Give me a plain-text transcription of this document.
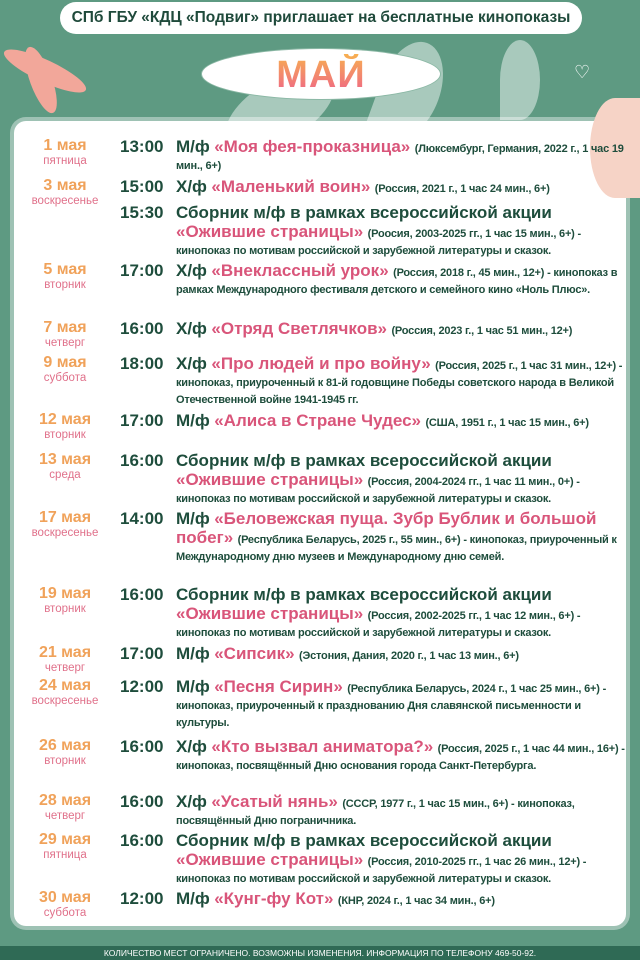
СПб ГБУ «КДЦ «Подвиг» приглашает на бесплатные кинопоказы
МАЙ	♡
1 мая
пятница
13:00 М/ф «Моя фея-проказница» (Люксембург, Германия, 2022 г., 1 час 19 мин., 6+)
3 мая
воскресенье
15:00 Х/ф «Маленький воин» (Россия, 2021 г., 1 час 24 мин., 6+)
15:30 Сборник м/ф в рамках всероссийской акции «Ожившие страницы» (Роосия, 2003-2025 гг., 1 час 15 мин., 6+) - кинопоказ по мотивам российской и зарубежной литературы и сказок.
5 мая
вторник
17:00 Х/ф «Внеклассный урок» (Россия, 2018 г., 45 мин., 12+) - кинопоказ в рамках Международного фестиваля детского и семейного кино «Ноль Плюс».
7 мая
четверг
16:00 Х/ф «Отряд Светлячков» (Россия, 2023 г., 1 час 51 мин., 12+)
9 мая
суббота
18:00 Х/ф «Про людей и про войну» (Россия, 2025 г., 1 час 31 мин., 12+) - кинопоказ, приуроченный к 81-й годовщине Победы советского народа в Великой Отечественной войне 1941-1945 гг.
12 мая
вторник
17:00 М/ф «Алиса в Стране Чудес» (США, 1951 г., 1 час 15 мин., 6+)
13 мая
среда
16:00 Сборник м/ф в рамках всероссийской акции «Ожившие страницы» (Россия, 2004-2024 гг., 1 час 11 мин., 0+) - кинопоказ по мотивам российской и зарубежной литературы и сказок.
17 мая
воскресенье
14:00 М/ф «Беловежская пуща. Зубр Бублик и большой побег» (Республика Беларусь, 2025 г., 55 мин., 6+) - кинопоказ, приуроченный к Международному дню музеев и Международному дню семей.
19 мая
вторник
16:00 Сборник м/ф в рамках всероссийской акции «Ожившие страницы» (Россия, 2002-2025 гг., 1 час 12 мин., 6+) - кинопоказ по мотивам российской и зарубежной литературы и сказок.
21 мая
четверг
17:00 М/ф «Сипсик» (Эстония, Дания, 2020 г., 1 час 13 мин., 6+)
24 мая
воскресенье
12:00 М/ф «Песня Сирин» (Республика Беларусь, 2024 г., 1 час 25 мин., 6+) - кинопоказ, приуроченный к празднованию Дня славянской письменности и культуры.
26 мая
вторник
16:00 Х/ф «Кто вызвал аниматора?» (Россия, 2025 г., 1 час 44 мин., 16+) - кинопоказ, посвящённый Дню основания города Санкт-Петербурга.
28 мая
четверг
16:00 Х/ф «Усатый нянь» (СССР, 1977 г., 1 час 15 мин., 6+) - кинопоказ, посвящённый Дню пограничника.
29 мая
пятница
16:00 Сборник м/ф в рамках всероссийской акции «Ожившие страницы» (Россия, 2010-2025 гг., 1 час 26 мин., 12+) - кинопоказ по мотивам российской и зарубежной литературы и сказок.
30 мая
суббота
12:00 М/ф «Кунг-фу Кот» (КНР, 2024 г., 1 час 34 мин., 6+)
КОЛИЧЕСТВО МЕСТ ОГРАНИЧЕНО. ВОЗМОЖНЫ ИЗМЕНЕНИЯ. ИНФОРМАЦИЯ ПО ТЕЛЕФОНУ 469-50-92.
